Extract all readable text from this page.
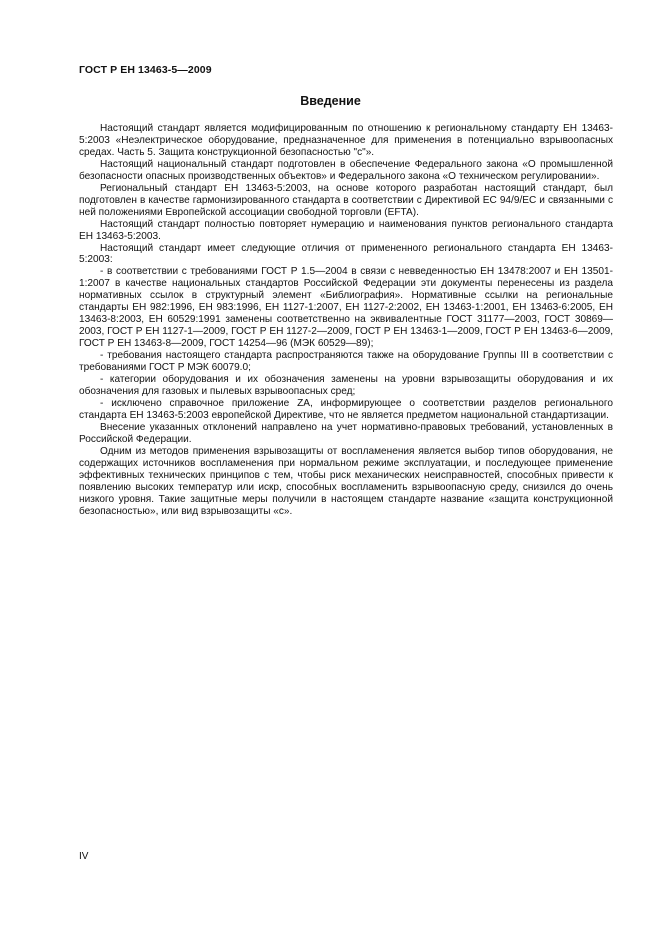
ГОСТ Р ЕН 13463-5—2009
Введение

Настоящий стандарт является модифицированным по отношению к региональному стандарту ЕН 13463-5:2003 «Неэлектрическое оборудование, предназначенное для применения в потенциально взрывоопасных средах. Часть 5. Защита конструкционной безопасностью "с"».

Настоящий национальный стандарт подготовлен в обеспечение Федерального закона «О промышленной безопасности опасных производственных объектов» и Федерального закона «О техническом регулировании».

Региональный стандарт ЕН 13463-5:2003, на основе которого разработан настоящий стандарт, был подготовлен в качестве гармонизированного стандарта в соответствии с Директивой ЕС 94/9/ЕС и связанными с ней положениями Европейской ассоциации свободной торговли (EFTA).

Настоящий стандарт полностью повторяет нумерацию и наименования пунктов регионального стандарта ЕН 13463-5:2003.

Настоящий стандарт имеет следующие отличия от примененного регионального стандарта ЕН 13463-5:2003:

- в соответствии с требованиями ГОСТ Р 1.5—2004 в связи с невведенностью ЕН 13478:2007 и ЕН 13501-1:2007 в качестве национальных стандартов Российской Федерации эти документы перенесены из раздела нормативных ссылок в структурный элемент «Библиография». Нормативные ссылки на региональные стандарты ЕН 982:1996, ЕН 983:1996, ЕН 1127-1:2007, ЕН 1127-2:2002, ЕН 13463-1:2001, ЕН 13463-6:2005, ЕН 13463-8:2003, ЕН 60529:1991 заменены соответственно на эквивалентные ГОСТ 31177—2003, ГОСТ 30869—2003, ГОСТ Р ЕН 1127-1—2009, ГОСТ Р ЕН 1127-2—2009, ГОСТ Р ЕН 13463-1—2009, ГОСТ Р ЕН 13463-6—2009, ГОСТ Р ЕН 13463-8—2009, ГОСТ 14254—96 (МЭК 60529—89);

- требования настоящего стандарта распространяются также на оборудование Группы III в соответствии с требованиями ГОСТ Р МЭК 60079.0;

- категории оборудования и их обозначения заменены на уровни взрывозащиты оборудования и их обозначения для газовых и пылевых взрывоопасных сред;

- исключено справочное приложение ZA, информирующее о соответствии разделов регионального стандарта ЕН 13463-5:2003 европейской Директиве, что не является предметом национальной стандартизации.

Внесение указанных отклонений направлено на учет нормативно-правовых требований, установленных в Российской Федерации.

Одним из методов применения взрывозащиты от воспламенения является выбор типов оборудования, не содержащих источников воспламенения при нормальном режиме эксплуатации, и последующее применение эффективных технических принципов с тем, чтобы риск механических неисправностей, способных привести к появлению высоких температур или искр, способных воспламенить взрывоопасную среду, снизился до очень низкого уровня. Такие защитные меры получили в настоящем стандарте название «защита конструкционной безопасностью», или вид взрывозащиты «с».

IV
